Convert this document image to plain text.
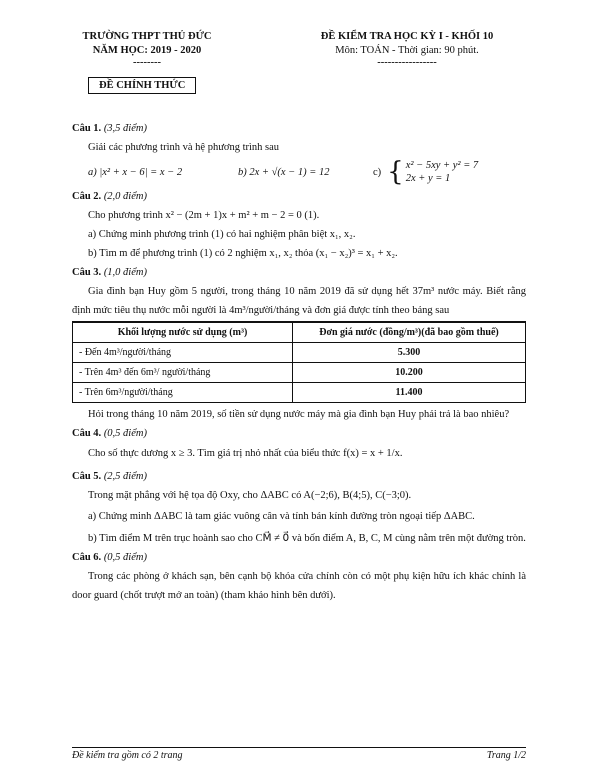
TRƯỜNG THPT THỦ ĐỨC
NĂM HỌC: 2019 - 2020
--------
ĐỀ CHÍNH THỨC
ĐỀ KIỂM TRA HỌC KỲ I - KHỐI 10
Môn: TOÁN - Thời gian: 90 phút.
-----------------
Câu 1. (3,5 điểm)
Giải các phương trình và hệ phương trình sau
a) |x² + x − 6| = x − 2	b) 2x + √(x − 1) = 12	c) { x² − 5xy + y² = 7
2x + y = 1
Câu 2. (2,0 điểm)
Cho phương trình x² − (2m + 1)x + m² + m − 2 = 0 (1).
a) Chứng minh phương trình (1) có hai nghiệm phân biệt x₁, x₂.
b) Tìm m để phương trình (1) có 2 nghiệm x₁, x₂ thỏa (x₁ − x₂)³ = x₁ + x₂.
Câu 3. (1,0 điểm)
Gia đình bạn Huy gồm 5 người, trong tháng 10 năm 2019 đã sử dụng hết 37m³ nước máy. Biết rằng định mức tiêu thụ nước mỗi người là 4m³/người/tháng và đơn giá được tính theo bảng sau
Khối lượng nước sử dụng (m³)	Đơn giá nước (đồng/m³)(đã bao gồm thuế)
- Đến 4m³/người/tháng	5.300
- Trên 4m³ đến 6m³/ người/tháng	10.200
- Trên 6m³/người/tháng	11.400
Hỏi trong tháng 10 năm 2019, số tiền sử dụng nước máy mà gia đình bạn Huy phải trả là bao nhiêu?
Câu 4. (0,5 điểm)
Cho số thực dương x ≥ 3. Tìm giá trị nhỏ nhất của biểu thức f(x) = x + 1/x.
Câu 5. (2,5 điểm)
Trong mặt phẳng với hệ tọa độ Oxy, cho ΔABC có A(−2;6), B(4;5), C(−3;0).
a) Chứng minh ΔABC là tam giác vuông cân và tính bán kính đường tròn ngoại tiếp ΔABC.
b) Tìm điểm M trên trục hoành sao cho CM⃗ ≠ 0⃗ và bốn điểm A, B, C, M cùng nằm trên một đường tròn.
Câu 6. (0,5 điểm)
Trong các phòng ở khách sạn, bên cạnh bộ khóa cửa chính còn có một phụ kiện hữu ích khác chính là door guard (chốt trượt mở an toàn) (tham khảo hình bên dưới).
Đề kiểm tra gồm có 2 trang	Trang 1/2
